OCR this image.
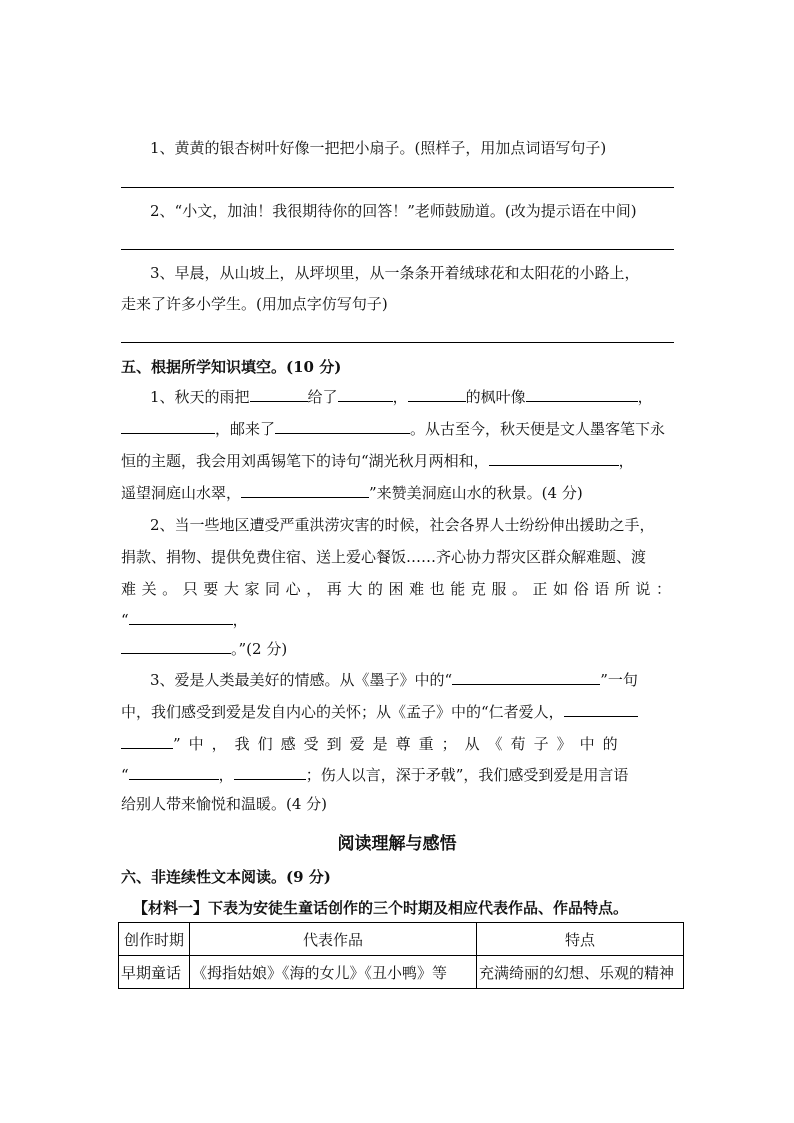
1、黄黄的银杏树叶好像一把把小扇子。(照样子，用加点词语写句子)
2、“小文，加油！我很期待你的回答！”老师鼓励道。(改为提示语在中间)
3、早晨，从山坡上，从坪坝里，从一条条开着绒球花和太阳花的小路上，
走来了许多小学生。(用加点字仿写句子)
五、根据所学知识填空。(10 分)
1、秋天的雨把	给了	，	的枫叶像	，
，邮来了	。从古至今，秋天便是文人墨客笔下永
恒的主题，我会用刘禹锡笔下的诗句“湖光秋月两相和，	，
遥望洞庭山水翠，	”来赞美洞庭山水的秋景。(4 分)
2、当一些地区遭受严重洪涝灾害的时候，社会各界人士纷纷伸出援助之手，
捐款、捐物、提供免费住宿、送上爱心餐饭……齐心协力帮灾区群众解难题、渡
难关。只要大家同心，再大的困难也能克服。正如俗语所说：
“	，
。”(2 分)
3、爱是人类最美好的情感。从《墨子》中的“	”一句
中，我们感受到爱是发自内心的关怀；从《孟子》中的“仁者爱人，
”中，我们感受到爱是尊重；从《荀子》中的
“	，	；伤人以言，深于矛戟”，我们感受到爱是用言语
给别人带来愉悦和温暖。(4 分)
阅读理解与感悟
六、非连续性文本阅读。(9 分)
【材料一】下表为安徒生童话创作的三个时期及相应代表作品、作品特点。
创作时期	代表作品	特点
早期童话	《拇指姑娘》《海的女儿》《丑小鸭》等	充满绮丽的幻想、乐观的精神
